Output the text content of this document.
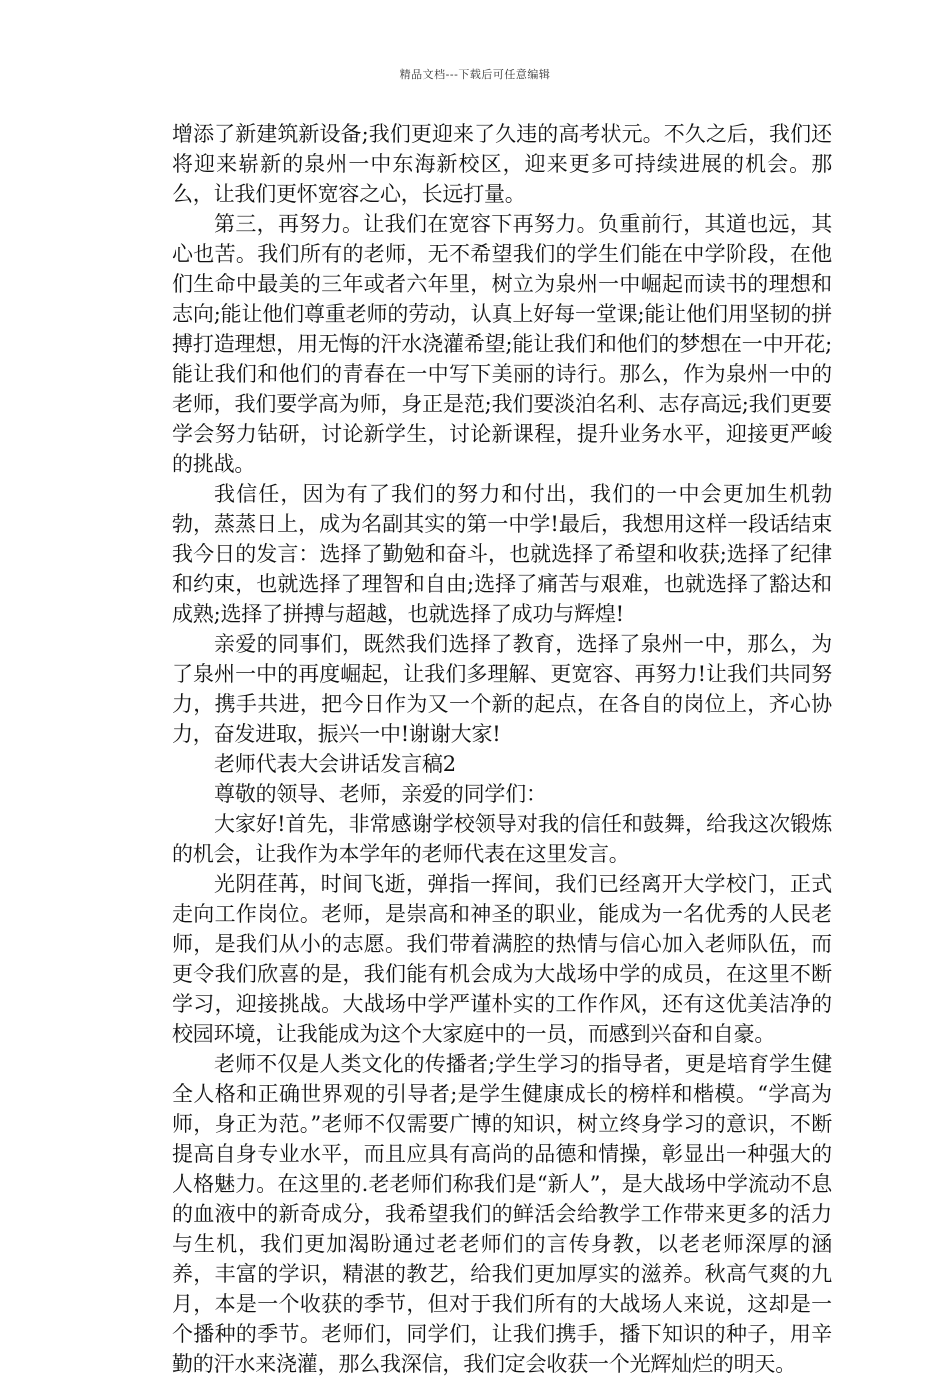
精品文档---下载后可任意编辑

增添了新建筑新设备;我们更迎来了久违的高考状元。不久之后，我们还将迎来崭新的泉州一中东海新校区，迎来更多可持续进展的机会。那么，让我们更怀宽容之心，长远打量。

第三，再努力。让我们在宽容下再努力。负重前行，其道也远，其心也苦。我们所有的老师，无不希望我们的学生们能在中学阶段，在他们生命中最美的三年或者六年里，树立为泉州一中崛起而读书的理想和志向;能让他们尊重老师的劳动，认真上好每一堂课;能让他们用坚韧的拼搏打造理想，用无悔的汗水浇灌希望;能让我们和他们的梦想在一中开花;能让我们和他们的青春在一中写下美丽的诗行。那么，作为泉州一中的老师，我们要学高为师，身正是范;我们要淡泊名利、志存高远;我们更要学会努力钻研，讨论新学生，讨论新课程，提升业务水平，迎接更严峻的挑战。

我信任，因为有了我们的努力和付出，我们的一中会更加生机勃勃，蒸蒸日上，成为名副其实的第一中学!最后，我想用这样一段话结束我今日的发言：选择了勤勉和奋斗，也就选择了希望和收获;选择了纪律和约束，也就选择了理智和自由;选择了痛苦与艰难，也就选择了豁达和成熟;选择了拼搏与超越，也就选择了成功与辉煌!

亲爱的同事们，既然我们选择了教育，选择了泉州一中，那么，为了泉州一中的再度崛起，让我们多理解、更宽容、再努力!让我们共同努力，携手共进，把今日作为又一个新的起点，在各自的岗位上，齐心协力，奋发进取，振兴一中!谢谢大家!

老师代表大会讲话发言稿2

尊敬的领导、老师，亲爱的同学们：

大家好!首先，非常感谢学校领导对我的信任和鼓舞，给我这次锻炼的机会，让我作为本学年的老师代表在这里发言。

光阴荏苒，时间飞逝，弹指一挥间，我们已经离开大学校门，正式走向工作岗位。老师，是崇高和神圣的职业，能成为一名优秀的人民老师，是我们从小的志愿。我们带着满腔的热情与信心加入老师队伍，而更令我们欣喜的是，我们能有机会成为大战场中学的成员，在这里不断学习，迎接挑战。大战场中学严谨朴实的工作作风，还有这优美洁净的校园环境，让我能成为这个大家庭中的一员，而感到兴奋和自豪。

老师不仅是人类文化的传播者;学生学习的指导者，更是培育学生健全人格和正确世界观的引导者;是学生健康成长的榜样和楷模。“学高为师，身正为范。”老师不仅需要广博的知识，树立终身学习的意识，不断提高自身专业水平，而且应具有高尚的品德和情操，彰显出一种强大的人格魅力。在这里的.老老师们称我们是“新人”，是大战场中学流动不息的血液中的新奇成分，我希望我们的鲜活会给教学工作带来更多的活力与生机，我们更加渴盼通过老老师们的言传身教，以老老师深厚的涵养，丰富的学识，精湛的教艺，给我们更加厚实的滋养。秋高气爽的九月，本是一个收获的季节，但对于我们所有的大战场人来说，这却是一个播种的季节。老师们，同学们，让我们携手，播下知识的种子，用辛勤的汗水来浇灌，那么我深信，我们定会收获一个光辉灿烂的明天。
